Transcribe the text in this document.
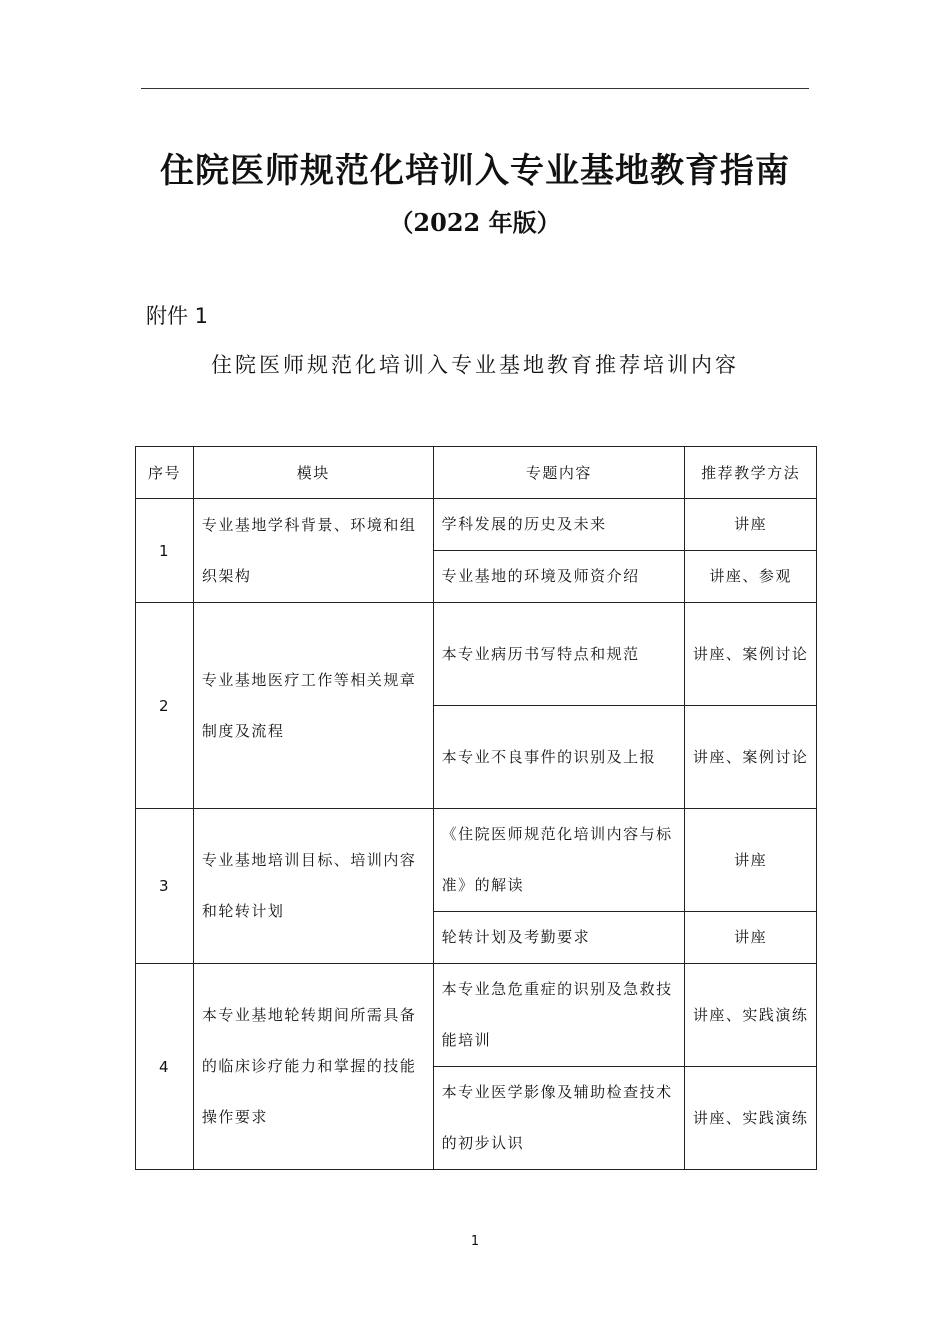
住院医师规范化培训入专业基地教育指南
（2022 年版）
附件 1
住院医师规范化培训入专业基地教育推荐培训内容
序号	模块	专题内容	推荐教学方法
1	专业基地学科背景、环境和组织架构	学科发展的历史及未来	讲座
		专业基地的环境及师资介绍	讲座、参观
2	专业基地医疗工作等相关规章制度及流程	本专业病历书写特点和规范	讲座、案例讨论
		本专业不良事件的识别及上报	讲座、案例讨论
3	专业基地培训目标、培训内容和轮转计划	《住院医师规范化培训内容与标准》的解读	讲座
		轮转计划及考勤要求	讲座
4	本专业基地轮转期间所需具备的临床诊疗能力和掌握的技能操作要求	本专业急危重症的识别及急救技能培训	讲座、实践演练
		本专业医学影像及辅助检查技术的初步认识	讲座、实践演练
1
